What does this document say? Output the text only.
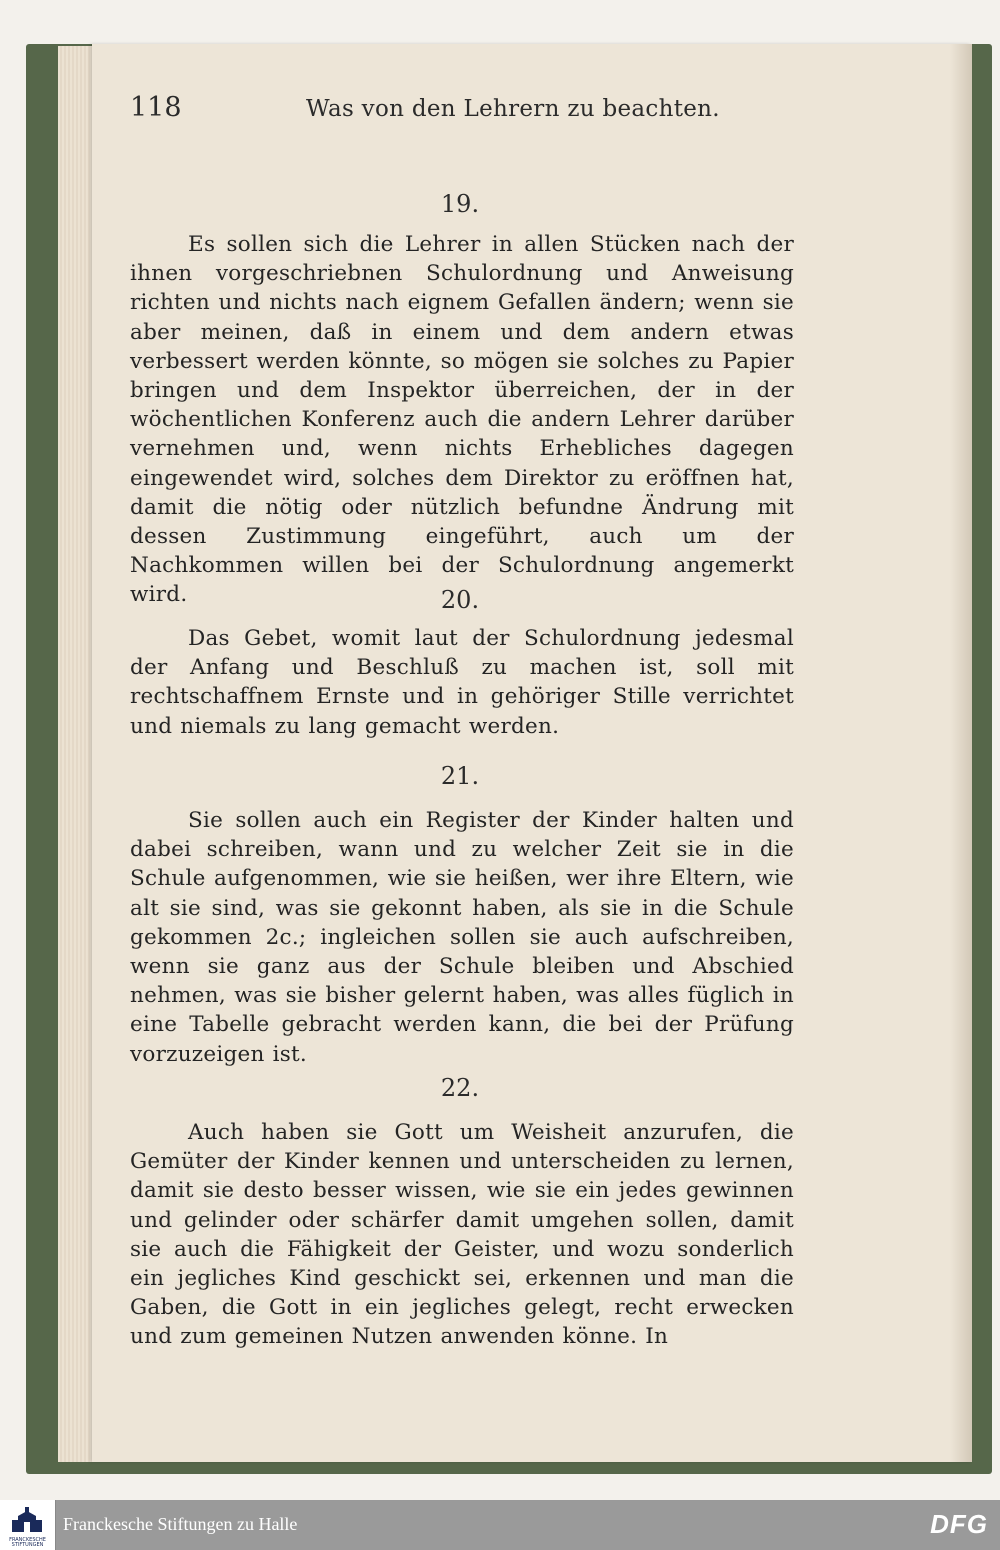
118	Was von den Lehrern zu beachten.
19.
Es sollen sich die Lehrer in allen Stücken nach der ihnen vorgeschriebnen Schulordnung und Anweisung richten und nichts nach eignem Gefallen ändern; wenn sie aber meinen, daß in einem und dem andern etwas verbessert werden könnte, so mögen sie solches zu Papier bringen und dem Inspektor überreichen, der in der wöchentlichen Konferenz auch die andern Lehrer darüber vernehmen und, wenn nichts Erhebliches dagegen eingewendet wird, solches dem Direktor zu eröffnen hat, damit die nötig oder nützlich befundne Ändrung mit dessen Zustimmung eingeführt, auch um der Nachkommen willen bei der Schulordnung angemerkt wird.	20.
Das Gebet, womit laut der Schulordnung jedesmal der Anfang und Beschluß zu machen ist, soll mit rechtschaffnem Ernste und in gehöriger Stille verrichtet und niemals zu lang gemacht werden.
21.
Sie sollen auch ein Register der Kinder halten und dabei schreiben, wann und zu welcher Zeit sie in die Schule aufgenommen, wie sie heißen, wer ihre Eltern, wie alt sie sind, was sie gekonnt haben, als sie in die Schule gekommen 2c.; ingleichen sollen sie auch aufschreiben, wenn sie ganz aus der Schule bleiben und Abschied nehmen, was sie bisher gelernt haben, was alles füglich in eine Tabelle gebracht werden kann, die bei der Prüfung vorzuzeigen ist.
22.
Auch haben sie Gott um Weisheit anzurufen, die Gemüter der Kinder kennen und unterscheiden zu lernen, damit sie desto besser wissen, wie sie ein jedes gewinnen und gelinder oder schärfer damit umgehen sollen, damit sie auch die Fähigkeit der Geister, und wozu sonderlich ein jegliches Kind geschickt sei, erkennen und man die Gaben, die Gott in ein jegliches gelegt, recht erwecken und zum gemeinen Nutzen anwenden könne. In
FRANCKESCHE STIFTUNGEN
Franckesche Stiftungen zu Halle	DFG
